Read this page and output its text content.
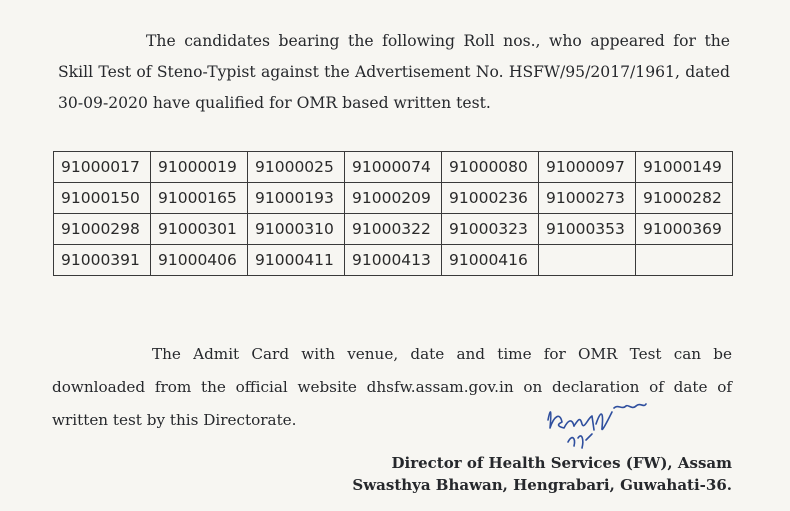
The candidates bearing the following Roll nos., who appeared for the Skill Test of Steno-Typist against the Advertisement No. HSFW/95/2017/1961, dated 30-09-2020 have qualified for OMR based written test.

91000017	91000019	91000025	91000074	91000080	91000097	91000149
91000150	91000165	91000193	91000209	91000236	91000273	91000282
91000298	91000301	91000310	91000322	91000323	91000353	91000369
91000391	91000406	91000411	91000413	91000416		

The Admit Card with venue, date and time for OMR Test can be downloaded from the official website dhsfw.assam.gov.in on declaration of date of written test by this Directorate.

Director of Health Services (FW), Assam
Swasthya Bhawan, Hengrabari, Guwahati-36.
